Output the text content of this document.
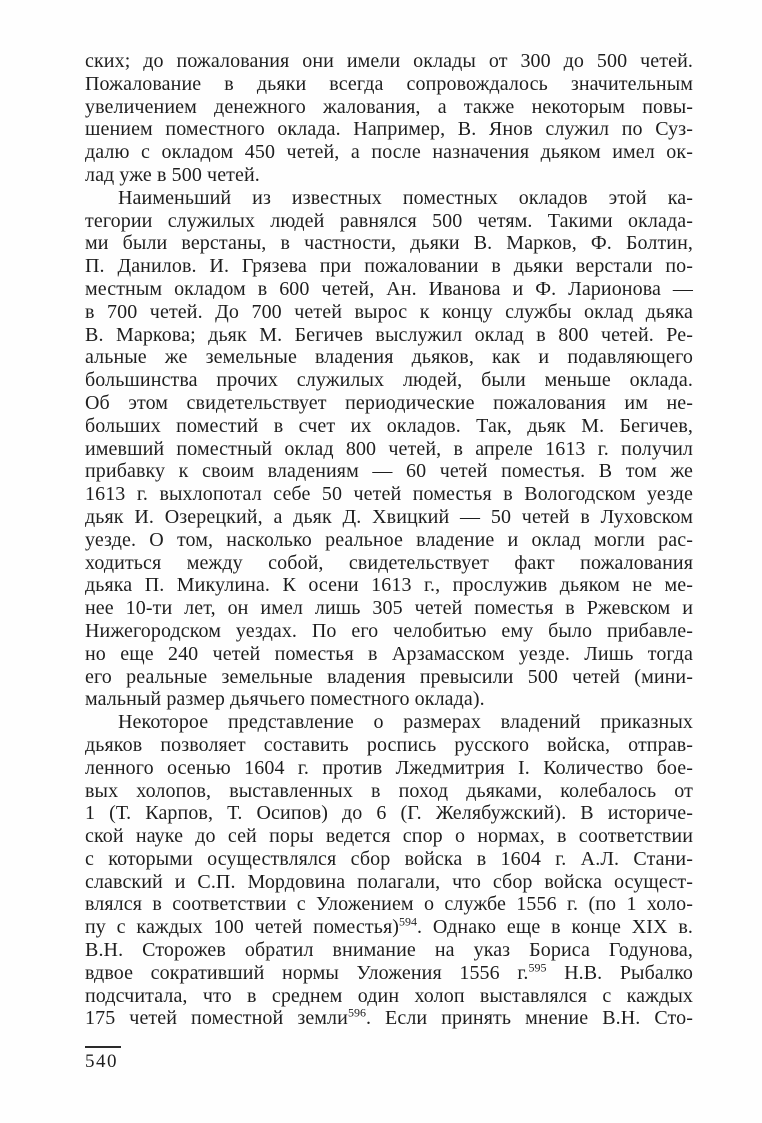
ских; до пожалования они имели оклады от 300 до 500 четей.
Пожалование в дьяки всегда сопровождалось значительным
увеличением денежного жалования, а также некоторым повы-
шением поместного оклада. Например, В. Янов служил по Суз-
далю с окладом 450 четей, а после назначения дьяком имел ок-
лад уже в 500 четей.
Наименьший из известных поместных окладов этой ка-
тегории служилых людей равнялся 500 четям. Такими оклада-
ми были верстаны, в частности, дьяки В. Марков, Ф. Болтин,
П. Данилов. И. Грязева при пожаловании в дьяки верстали по-
местным окладом в 600 четей, Ан. Иванова и Ф. Ларионова —
в 700 четей. До 700 четей вырос к концу службы оклад дьяка
В. Маркова; дьяк М. Бегичев выслужил оклад в 800 четей. Ре-
альные же земельные владения дьяков, как и подавляющего
большинства прочих служилых людей, были меньше оклада.
Об этом свидетельствует периодические пожалования им не-
больших поместий в счет их окладов. Так, дьяк М. Бегичев,
имевший поместный оклад 800 четей, в апреле 1613 г. получил
прибавку к своим владениям — 60 четей поместья. В том же
1613 г. выхлопотал себе 50 четей поместья в Вологодском уезде
дьяк И. Озерецкий, а дьяк Д. Хвицкий — 50 четей в Луховском
уезде. О том, насколько реальное владение и оклад могли рас-
ходиться между собой, свидетельствует факт пожалования
дьяка П. Микулина. К осени 1613 г., прослужив дьяком не ме-
нее 10-ти лет, он имел лишь 305 четей поместья в Ржевском и
Нижегородском уездах. По его челобитью ему было прибавле-
но еще 240 четей поместья в Арзамасском уезде. Лишь тогда
его реальные земельные владения превысили 500 четей (мини-
мальный размер дьячьего поместного оклада).
Некоторое представление о размерах владений приказных
дьяков позволяет составить роспись русского войска, отправ-
ленного осенью 1604 г. против Лжедмитрия I. Количество бое-
вых холопов, выставленных в поход дьяками, колебалось от
1 (Т. Карпов, Т. Осипов) до 6 (Г. Желябужский). В историче-
ской науке до сей поры ведется спор о нормах, в соответствии
с которыми осуществлялся сбор войска в 1604 г. А.Л. Стани-
славский и С.П. Мордовина полагали, что сбор войска осущест-
влялся в соответствии с Уложением о службе 1556 г. (по 1 холо-
пу с каждых 100 четей поместья)$^{594}$. Однако еще в конце XIX в.
В.Н. Сторожев обратил внимание на указ Бориса Годунова,
вдвое сокративший нормы Уложения 1556 г.$^{595}$ Н.В. Рыбалко
подсчитала, что в среднем один холоп выставлялся с каждых
175 четей поместной земли$^{596}$. Если принять мнение В.Н. Сто-
540
